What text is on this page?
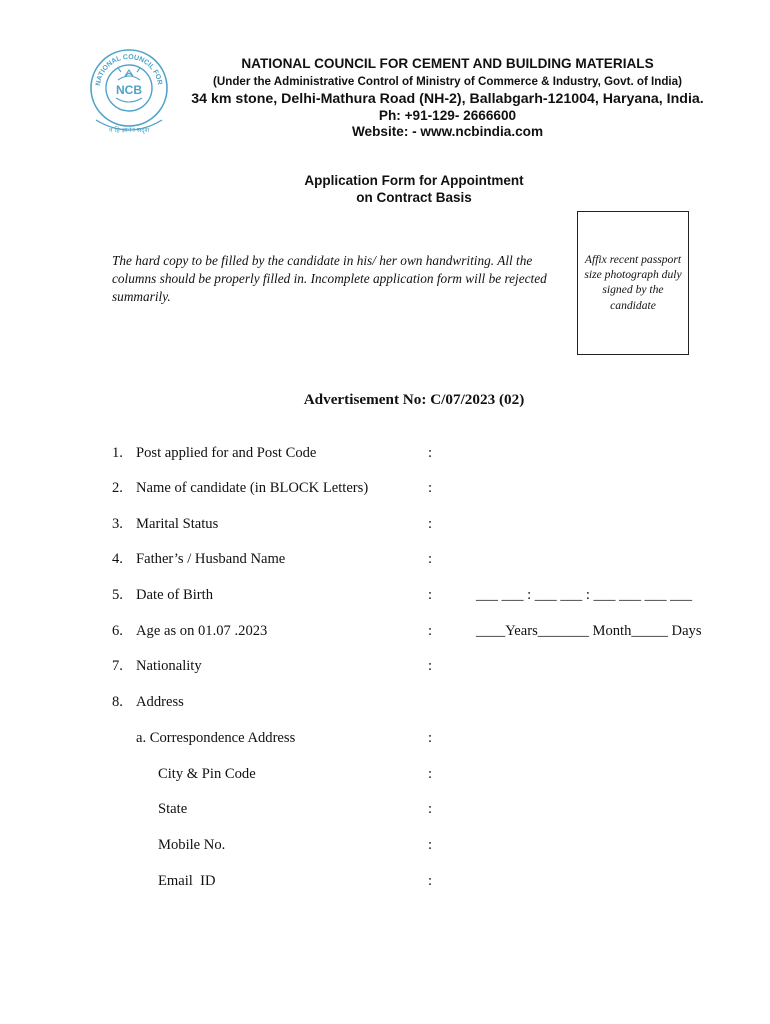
NATIONAL COUNCIL FOR
NCB
न हि ज्ञानेन सदृशं
NATIONAL COUNCIL FOR CEMENT AND BUILDING MATERIALS
(Under the Administrative Control of Ministry of Commerce & Industry, Govt. of India)
34 km stone, Delhi-Mathura Road (NH-2), Ballabgarh-121004, Haryana, India.
Ph: +91-129- 2666600
Website: - www.ncbindia.com
Application Form for Appointment
on Contract Basis
The hard copy to be filled by the candidate in his/ her own handwriting. All the columns should be properly filled in. Incomplete application form will be rejected summarily.
Affix recent passport size photograph duly signed by the candidate
Advertisement No: C/07/2023 (02)
1. Post applied for and Post Code	:
2. Name of candidate (in BLOCK Letters)	:
3. Marital Status	:
4. Father’s / Husband Name	:
5. Date of Birth	:	___ ___ : ___ ___ : ___ ___ ___ ___
6. Age as on 01.07 .2023	:	____Years_______ Month_____ Days
7. Nationality	:
8. Address
a. Correspondence Address	:
City & Pin Code	:
State	:
Mobile No.	:
Email  ID	:
